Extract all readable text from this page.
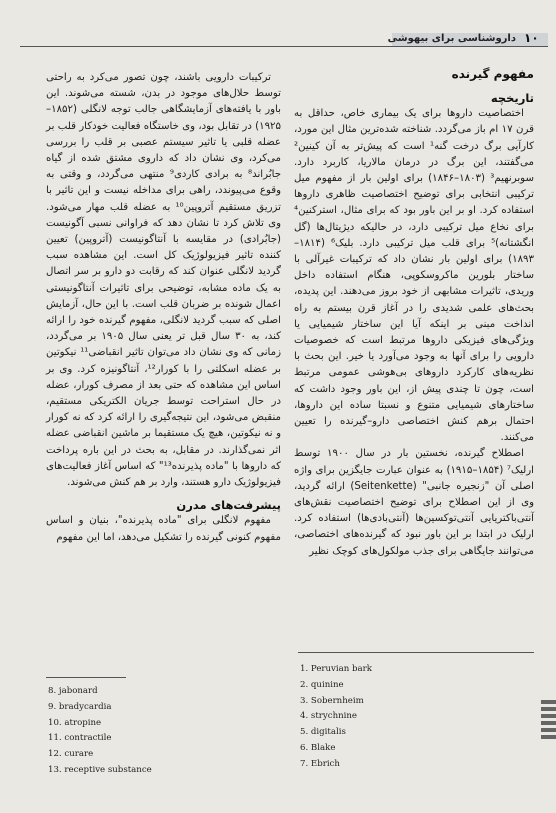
داروشناسی برای بیهوشی ۱۰
مفهوم گیرنده
تاریخچه

اختصاصیت داروها برای یک بیماری خاص، حداقل به قرن ۱۷ ام باز می‌گردد. شناخته شده‌ترین مثال این مورد، کارآیی برگ درخت گنه¹ است که پیش‌تر به آن کینین² می‌گفتند، این برگ در درمان مالاریا، کاربرد دارد. سوبرنهیم³ (۱۸۰۳–۱۸۴۶) برای اولین بار از مفهوم میل ترکیبی انتخابی برای توضیح اختصاصیت ظاهری داروها استفاده کرد. او بر این باور بود که برای مثال، استرکنین⁴ برای نخاع میل ترکیبی دارد، در حالیکه دیژیتال‌ها (گل انگشتانه)⁵ برای قلب میل ترکیبی دارد. بلیک⁶ (۱۸۱۴–۱۸۹۳) برای اولین بار نشان داد که ترکیبات غیرآلی با ساختار بلورین ماکروسکوپی، هنگام استفاده داخل وریدی، تاثیرات مشابهی از خود بروز می‌دهند. این پدیده، بحث‌های علمی شدیدی را در آغاز قرن بیستم به راه انداخت مبنی بر اینکه آیا این ساختار شیمیایی یا ویژگی‌های فیزیکی داروها مرتبط است که خصوصیات دارویی را برای آنها به وجود می‌آورد یا خیر. این بحث با نظریه‌های کارکرد داروهای بی‌هوشی عمومی مرتبط است، چون تا چندی پیش از، این باور وجود داشت که ساختارهای شیمیایی متنوع و نسبتا ساده این داروها، احتمال برهم کنش اختصاصی دارو–گیرنده را تعیین می‌کنند.

اصطلاح گیرنده، نخستین بار در سال ۱۹۰۰ توسط ارلیک⁷ (۱۸۵۴–۱۹۱۵) به عنوان عبارت جایگزین برای واژه اصلی آن "زنجیره جانبی" (Seitenkette) ارائه گردید، وی از این اصطلاح برای توضیح اختصاصیت نقش‌های آنتی‌باکتریایی آنتی‌توکسین‌ها (آنتی‌بادی‌ها) استفاده کرد. ارلیک در ابتدا بر این باور نبود که گیرنده‌های اختصاصی، می‌توانند جایگاهی برای جذب مولکول‌های کوچک نظیر

ترکیبات دارویی باشند، چون تصور می‌کرد به راحتی توسط حلال‌های موجود در بدن، شسته می‌شوند. این باور با یافته‌های آزمایشگاهی جالب توجه لانگلی (۱۸۵۲–۱۹۲۵) در تقابل بود، وی خاستگاه فعالیت خودکار قلب بر عضله قلبی یا تاثیر سیستم عصبی بر قلب را بررسی می‌کرد، وی نشان داد که داروی مشتق شده از گیاه جابُراند⁸ به برادی کاردی⁹ منتهی می‌گردد، و وقتی به وقوع می‌پیوندد، راهی برای مداخله نیست و این تاثیر با تزریق مستقیم آتروپین¹⁰ به عضله قلب مهار می‌شود. وی تلاش کرد تا نشان دهد که فراوانی نسبی آگونیست (جابُرادی) در مقایسه با آنتاگونیست (آتروپین) تعیین کننده تاثیر فیزیولوژیک کل است. این مشاهده سبب گردید لانگلی عنوان کند که رقابت دو دارو بر سر اتصال به یک ماده مشابه، توضیحی برای تاثیرات آنتاگونیستی اعمال شونده بر ضربان قلب است. با این حال، آزمایش اصلی که سبب گردید لانگلی، مفهوم گیرنده خود را ارائه کند، به ۳۰ سال قبل تر یعنی سال ۱۹۰۵ بر می‌گردد، زمانی که وی نشان داد می‌توان تاثیر انقباضی¹¹ نیکوتین بر عضله اسکلتی را با کورار¹²، آنتاگونیزه کرد. وی بر اساس این مشاهده که حتی بعد از مصرف کورار، عضله در حال استراحت توسط جریان الکتریکی مستقیم، منقبض می‌شود، این نتیجه‌گیری را ارائه کرد که نه کورار و نه نیکوتین، هیچ یک مستقیما بر ماشین انقباضی عضله اثر نمی‌گذارند. در مقابل، به بحث در این باره پرداخت که داروها با "ماده پذیرنده¹³" که اساس آغاز فعالیت‌های فیزیولوژیک دارو هستند، وارد بر هم کنش می‌شوند.

پیشرفت‌های مدرن

مفهوم لانگلی برای "ماده پذیرنده"، بنیان و اساس مفهوم کنونی گیرنده را تشکیل می‌دهد، اما این مفهوم

8. jabonard
9. bradycardia
10. atropine
11. contractile
12. curare
13. receptive substance
1. Peruvian bark
2. quinine
3. Sobernheim
4. strychnine
5. digitalis
6. Blake
7. Ebrich
